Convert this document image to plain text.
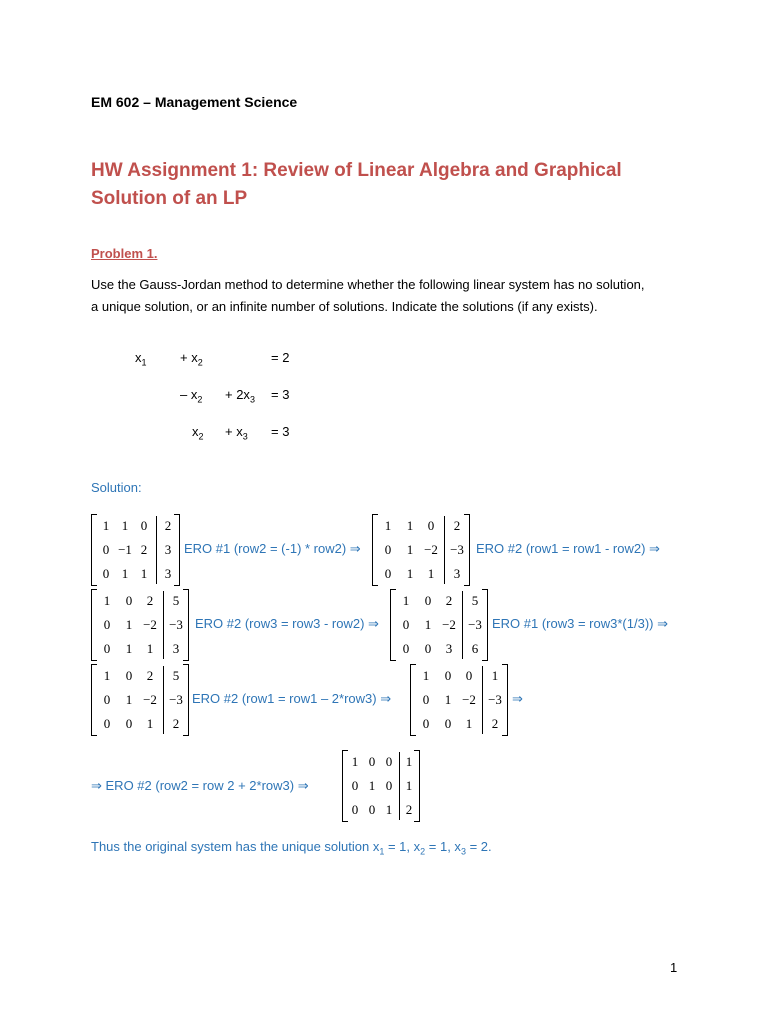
EM 602 – Management Science
HW Assignment 1: Review of Linear Algebra and Graphical Solution of an LP
Problem 1.
Use the Gauss-Jordan method to determine whether the following linear system has no solution, a unique solution, or an infinite number of solutions. Indicate the solutions (if any exists).
$x_1$	+ $x_2$	= 2
– $x_2 + 2x_3 = 3$
$x_2 + x_3 = 3$
Solution:
1 1 0 2
0 −1 2 3
0 1 1 3
ERO #1 (row2 = (-1) * row2) ⇒
1 1 0 2
0 1 −2 −3
0 1 1 3
ERO #2 (row1 = row1 - row2) ⇒
1 0 2 5
0 1 −2 −3
0 1 1 3
ERO #2 (row3 = row3 - row2) ⇒
1 0 2 5
0 1 −2 −3
0 0 3 6
ERO #1 (row3 = row3*(1/3)) ⇒
1 0 2 5
0 1 −2 −3
0 0 1 2
ERO #2 (row1 = row1 – 2*row3) ⇒
1 0 0 1
0 1 −2 −3
0 0 1 2
⇒
⇒ ERO #2 (row2 = row 2 + 2*row3) ⇒
1 0 0 1
0 1 0 1
0 0 1 2
Thus the original system has the unique solution $x_1 = 1$, $x_2 = 1$, $x_3 = 2$.
1
